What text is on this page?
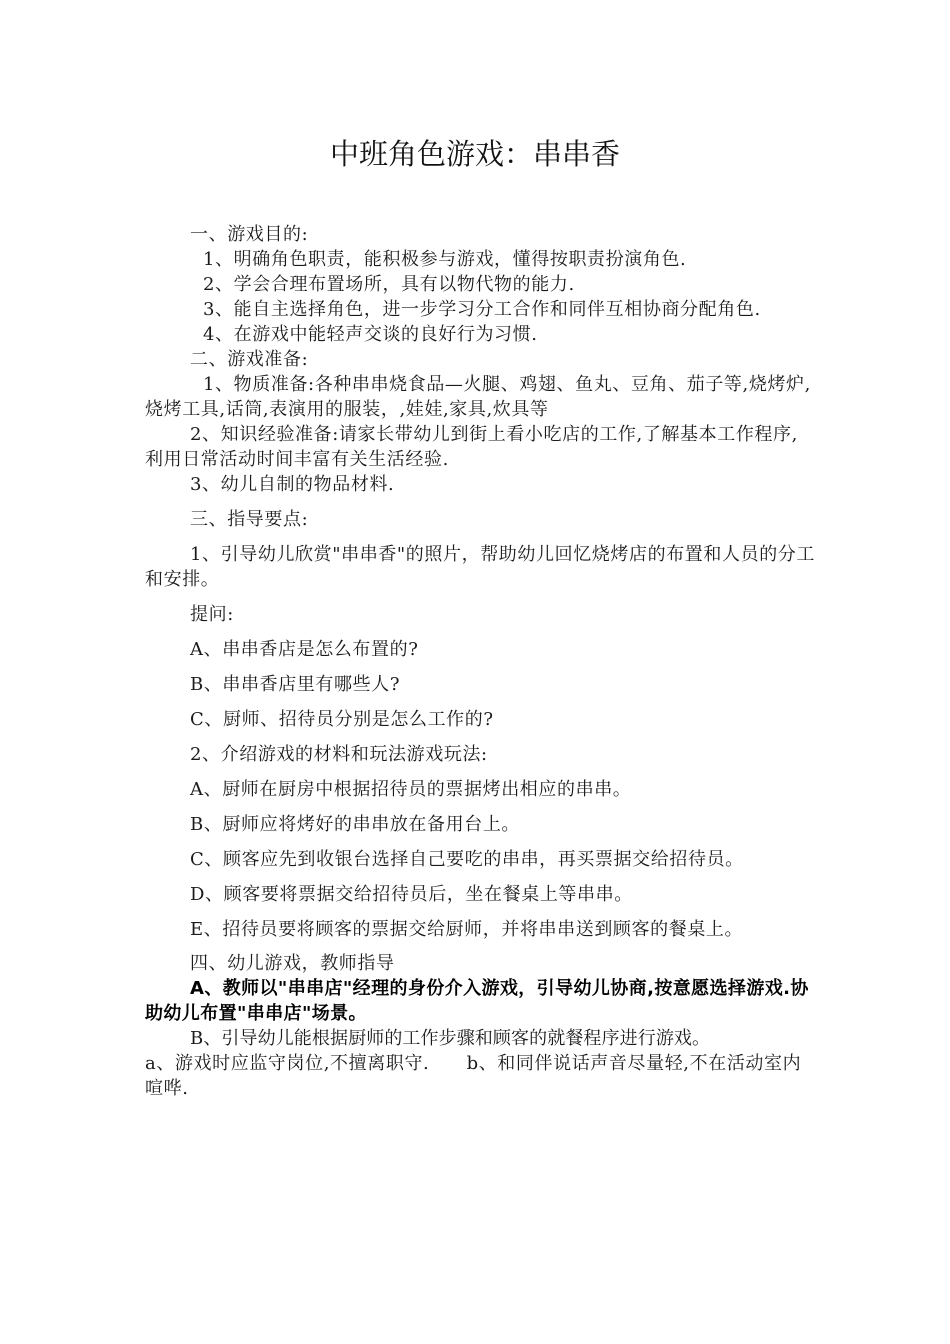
中班角色游戏：串串香

一、游戏目的:

1、明确角色职责，能积极参与游戏，懂得按职责扮演角色.

2、学会合理布置场所，具有以物代物的能力.

3、能自主选择角色，进一步学习分工合作和同伴互相协商分配角色.

4、在游戏中能轻声交谈的良好行为习惯.

二、游戏准备:

1、物质准备:各种串串烧食品—火腿、鸡翅、鱼丸、豆角、茄子等,烧烤炉,烧烤工具,话筒,表演用的服装，,娃娃,家具,炊具等

2、知识经验准备:请家长带幼儿到街上看小吃店的工作,了解基本工作程序,利用日常活动时间丰富有关生活经验.

3、幼儿自制的物品材料.

三、指导要点:

1、引导幼儿欣赏"串串香"的照片，帮助幼儿回忆烧烤店的布置和人员的分工和安排。

提问:

A、串串香店是怎么布置的?

B、串串香店里有哪些人?

C、厨师、招待员分别是怎么工作的?

2、介绍游戏的材料和玩法游戏玩法:

A、厨师在厨房中根据招待员的票据烤出相应的串串。

B、厨师应将烤好的串串放在备用台上。

C、顾客应先到收银台选择自己要吃的串串，再买票据交给招待员。

D、顾客要将票据交给招待员后，坐在餐桌上等串串。

E、招待员要将顾客的票据交给厨师，并将串串送到顾客的餐桌上。

四、幼儿游戏，教师指导

A、教师以"串串店"经理的身份介入游戏，引导幼儿协商,按意愿选择游戏.协助幼儿布置"串串店"场景。

B、引导幼儿能根据厨师的工作步骤和顾客的就餐程序进行游戏。

a、游戏时应监守岗位,不擅离职守.　　b、和同伴说话声音尽量轻,不在活动室内喧哗.
